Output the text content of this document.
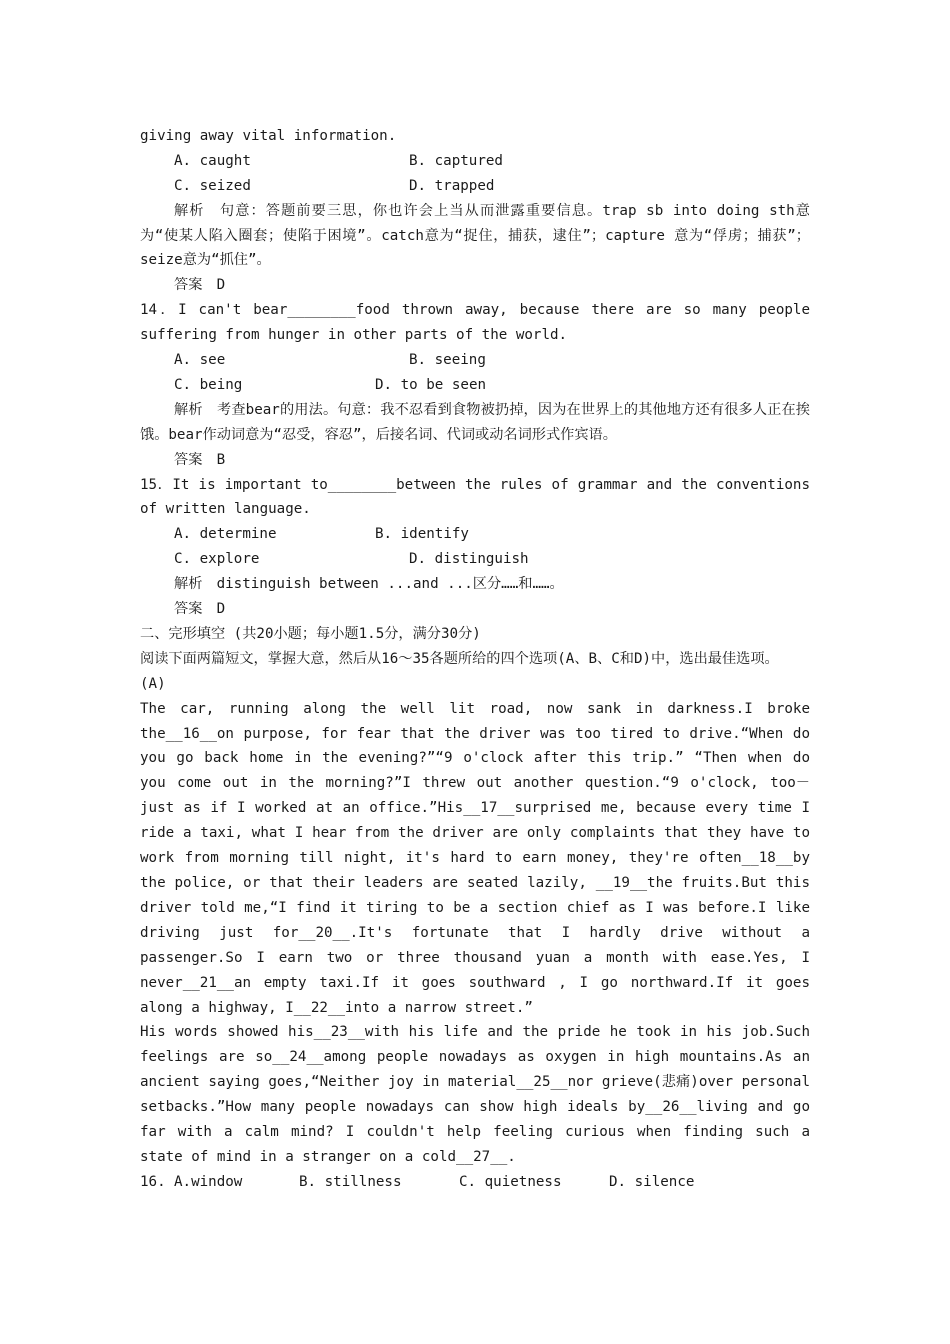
giving away vital information.
A. caught	B. captured
C. seized	D. trapped
解析　句意：答题前要三思，你也许会上当从而泄露重要信息。trap sb into doing sth意为“使某人陷入圈套；使陷于困境”。catch意为“捉住，捕获，逮住”；capture 意为“俘虏；捕获”；seize意为“抓住”。
答案　D
14．I can't bear________food thrown away, because there are so many people suffering from hunger in other parts of the world.
A. see	B. seeing
C. being	D. to be seen
解析　考查bear的用法。句意：我不忍看到食物被扔掉，因为在世界上的其他地方还有很多人正在挨饿。bear作动词意为“忍受，容忍”，后接名词、代词或动名词形式作宾语。
答案　B
15．It is important to________between the rules of grammar and the conventions of written language.
A. determine	B. identify
C. explore	D. distinguish
解析　distinguish between ...and ...区分……和……。
答案　D
二、完形填空 (共20小题；每小题1.5分，满分30分)
阅读下面两篇短文，掌握大意，然后从16～35各题所给的四个选项(A、B、C和D)中，选出最佳选项。
(A)
The car, running along the well lit road, now sank in darkness.I broke the__16__on purpose, for fear that the driver was too tired to drive.“When do you go back home in the evening?”“9 o'clock after this trip.” “Then when do you come out in the morning?”I threw out another question.“9 o'clock, too－just as if I worked at an office.”His__17__surprised me, because every time I ride a taxi, what I hear from the driver are only complaints that they have to work from morning till night, it's hard to earn money, they're often__18__by the police, or that their leaders are seated lazily, __19__the fruits.But this driver told me,“I find it tiring to be a section chief as I was before.I like driving just for__20__.It's fortunate that I hardly drive without a passenger.So I earn two or three thousand yuan a month with ease.Yes, I never__21__an empty taxi.If it goes southward , I go northward.If it goes along a highway, I__22__into a narrow street.”
His words showed his__23__with his life and the pride he took in his job.Such feelings are so__24__among people nowadays as oxygen in high mountains.As an ancient saying goes,“Neither joy in material__25__nor grieve(悲痛)over personal setbacks.”How many people nowadays can show high ideals by__26__living and go far with a calm mind? I couldn't help feeling curious when finding such a state of mind in a stranger on a cold__27__.
16. A.window	B. stillness	C. quietness	D. silence
